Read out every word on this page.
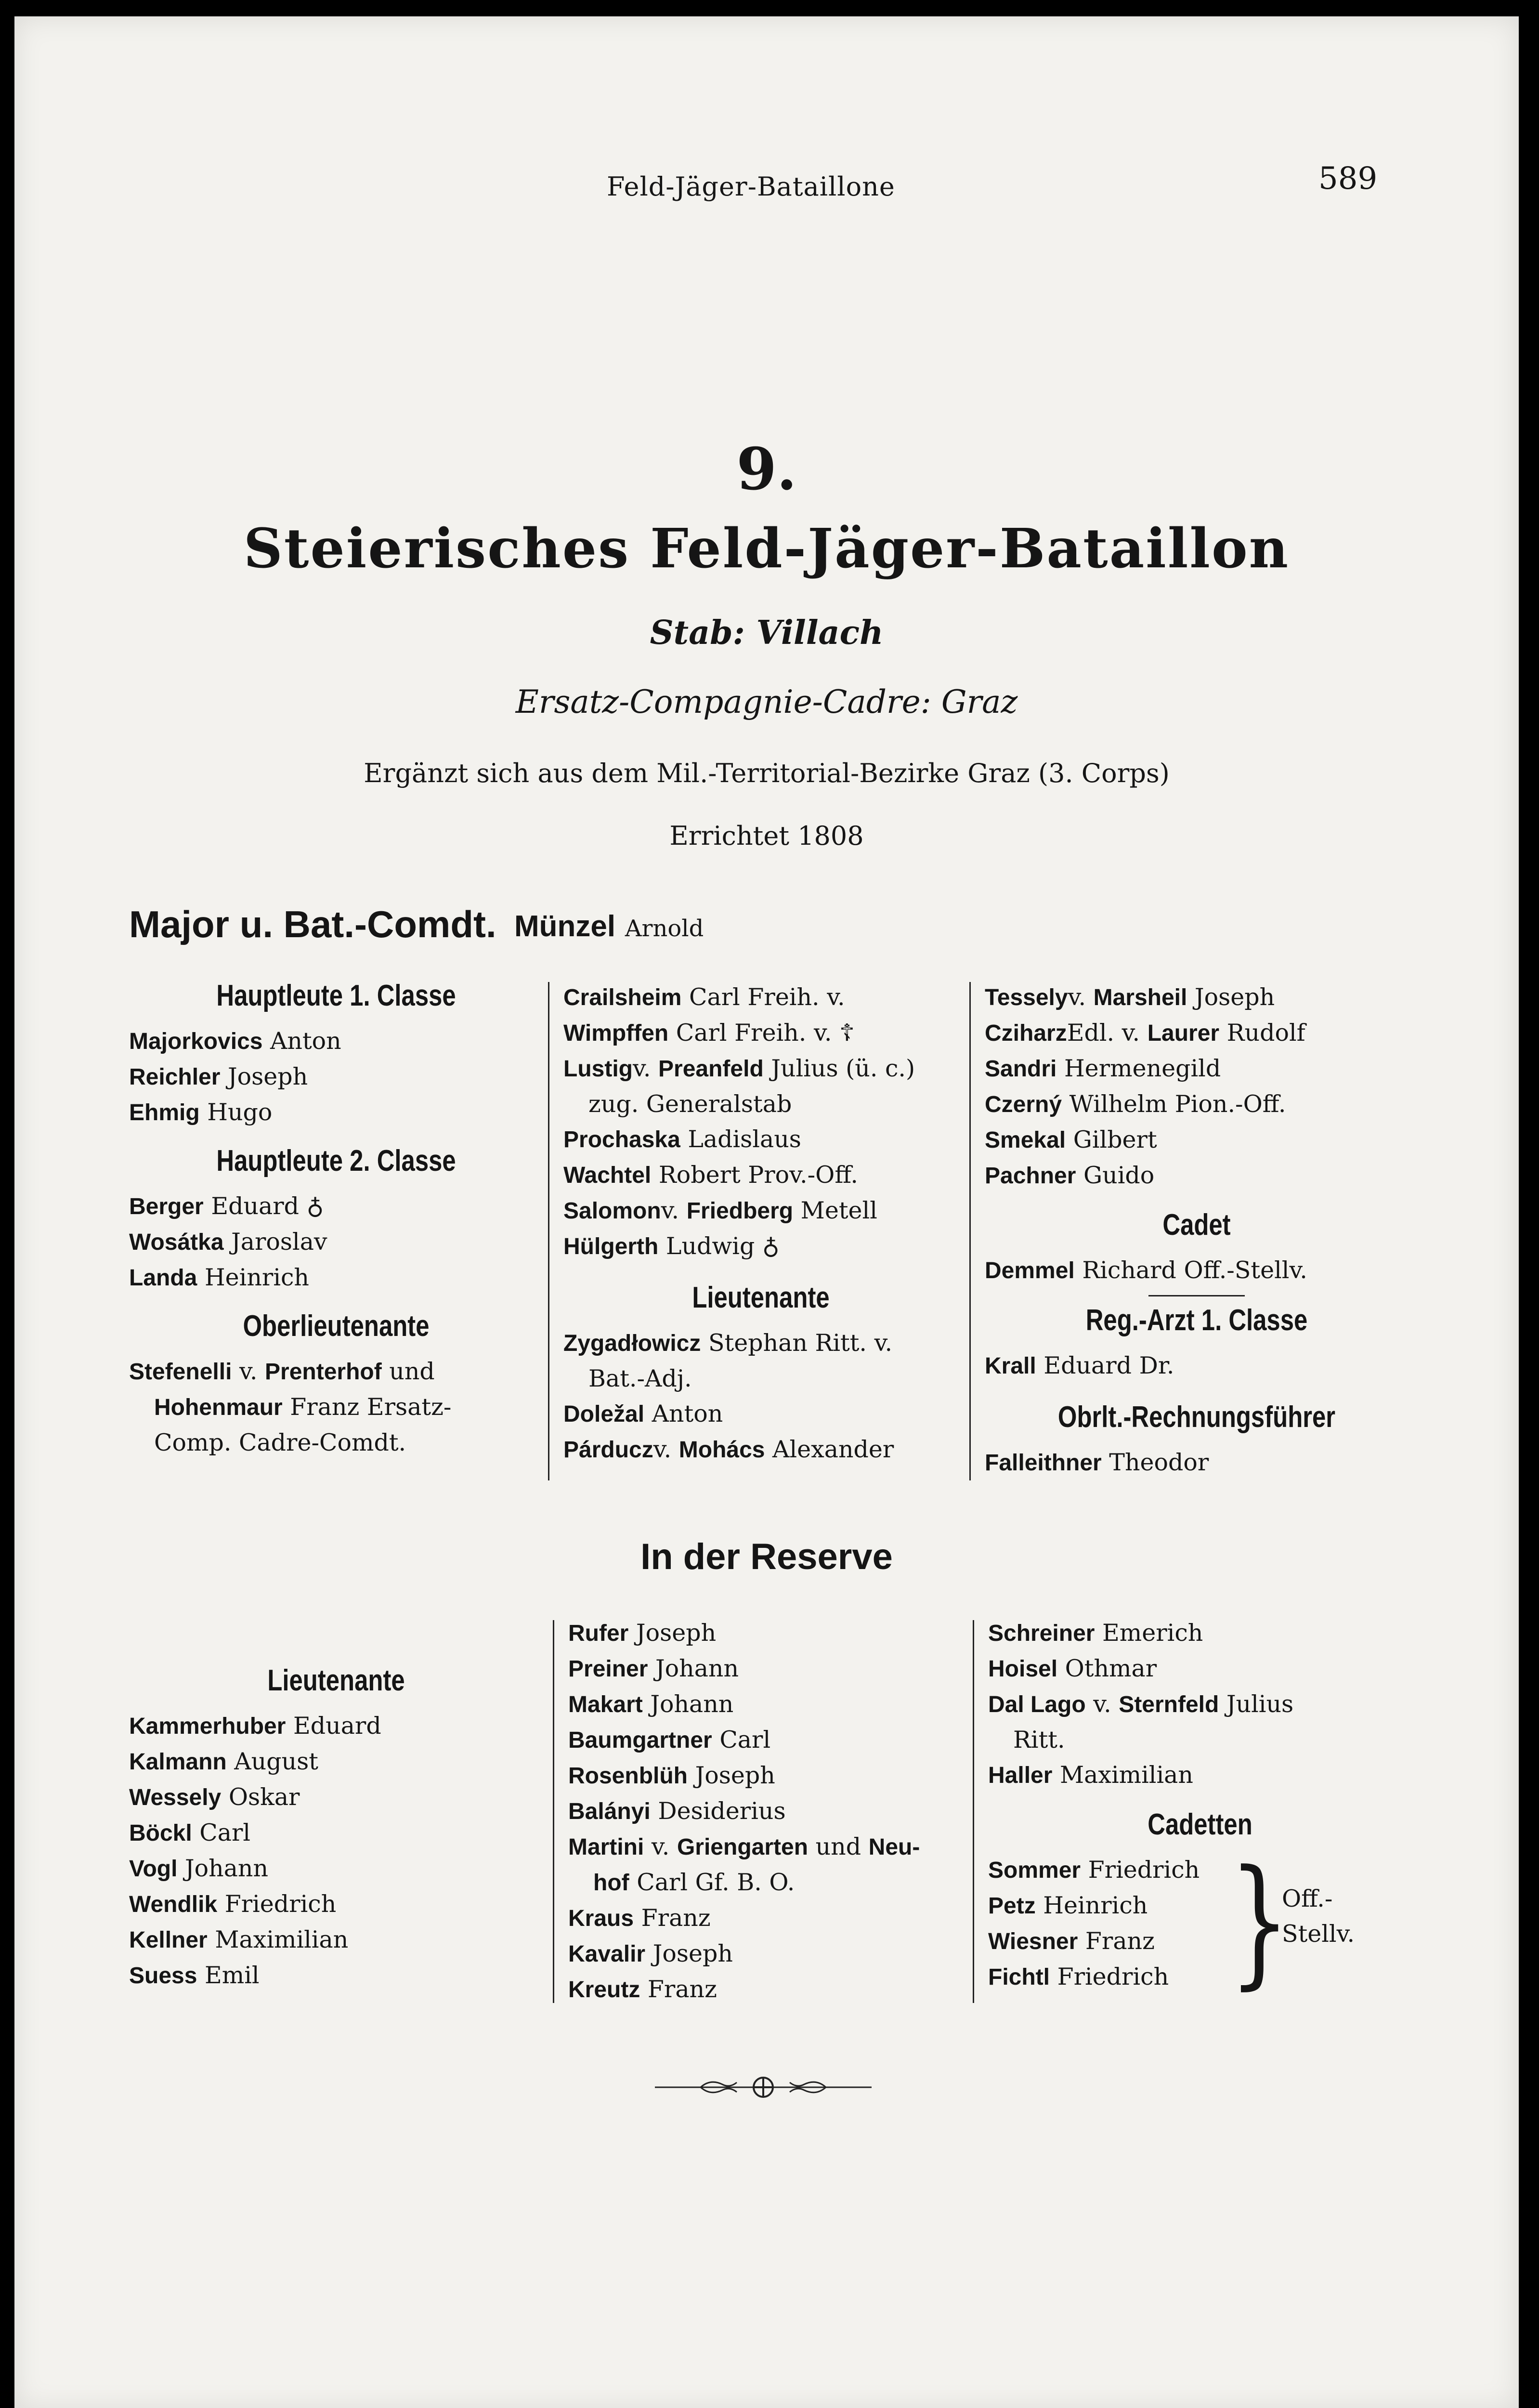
Feld-Jäger-Bataillone	589
9.
Steierisches Feld-Jäger-Bataillon
Stab: Villach
Ersatz-Compagnie-Cadre: Graz
Ergänzt sich aus dem Mil.-Territorial-Bezirke Graz (3. Corps)
Errichtet 1808
Major u. Bat.-Comdt. Münzel Arnold
Hauptleute 1. Classe
Majorkovics Anton
Reichler Joseph
Ehmig Hugo
Hauptleute 2. Classe
Berger Eduard ♁
Wosátka Jaroslav
Landa Heinrich
Oberlieutenante
Stefenelli v. Prenterhof und
Hohenmaur Franz Ersatz-
Comp. Cadre-Comdt.
Crailsheim Carl Freih. v.
Wimpffen Carl Freih. v. ☦
Lustigv. Preanfeld Julius (ü. c.)
zug. Generalstab
Prochaska Ladislaus
Wachtel Robert Prov.-Off.
Salomonv. Friedberg Metell
Hülgerth Ludwig ♁
Lieutenante
Zygadłowicz Stephan Ritt. v.
Bat.-Adj.
Doležal Anton
Párduczv. Mohács Alexander
Tesselyv. Marsheil Joseph
CziharzEdl. v. Laurer Rudolf
Sandri Hermenegild
Czerný Wilhelm Pion.-Off.
Smekal Gilbert
Pachner Guido
Cadet
Demmel Richard Off.-Stellv.
Reg.-Arzt 1. Classe
Krall Eduard Dr.
Obrlt.-Rechnungsführer
Falleithner Theodor
In der Reserve
Lieutenante
Kammerhuber Eduard
Kalmann August
Wessely Oskar
Böckl Carl
Vogl Johann
Wendlik Friedrich
Kellner Maximilian
Suess Emil
Rufer Joseph
Preiner Johann
Makart Johann
Baumgartner Carl
Rosenblüh Joseph
Balányi Desiderius
Martini v. Griengarten und Neu-
hof Carl Gf. B. O.
Kraus Franz
Kavalir Joseph
Kreutz Franz
Schreiner Emerich
Hoisel Othmar
Dal Lago v. Sternfeld Julius
Ritt.
Haller Maximilian
Cadetten
Sommer Friedrich
Petz Heinrich
Wiesner Franz
Fichtl Friedrich }
Off.-
Stellv.
